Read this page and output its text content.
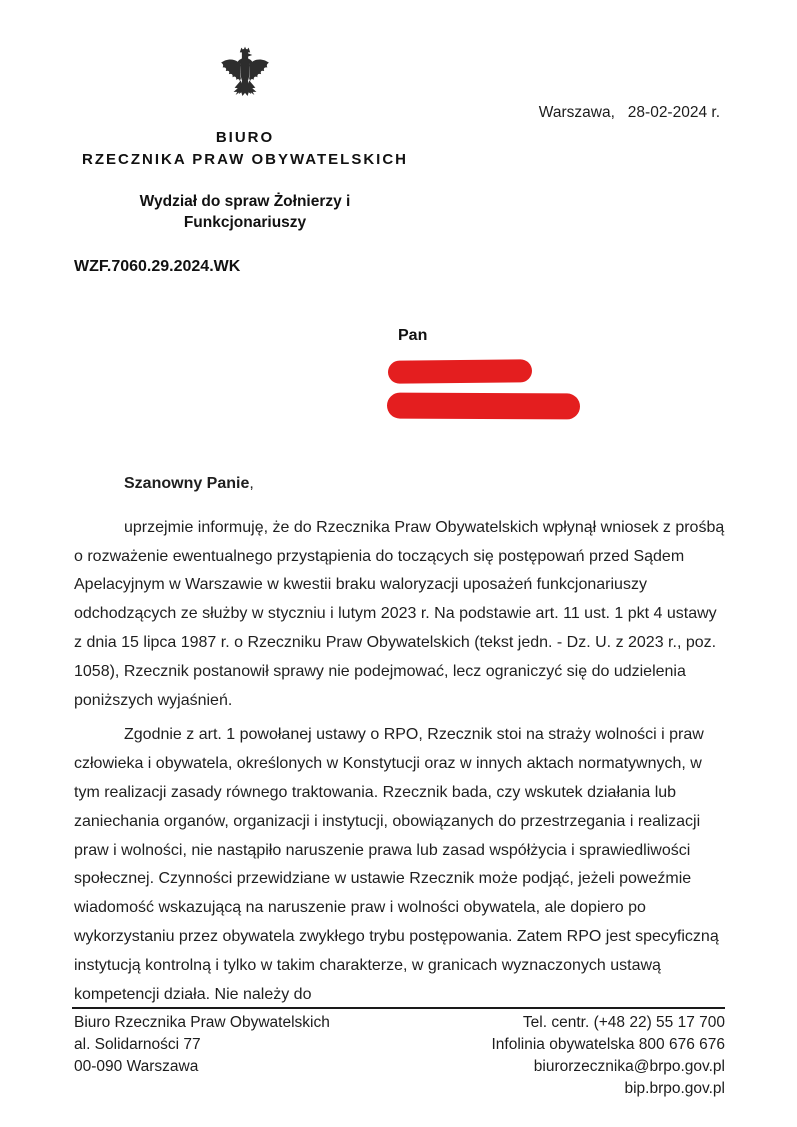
Warszawa,   28-02-2024 r.
BIURO
RZECZNIKA PRAW OBYWATELSKICH
Wydział do spraw Żołnierzy i Funkcjonariuszy
WZF.7060.29.2024.WK
Pan
Szanowny Panie,

uprzejmie informuję, że do Rzecznika Praw Obywatelskich wpłynął wniosek z prośbą o rozważenie ewentualnego przystąpienia do toczących się postępowań przed Sądem Apelacyjnym w Warszawie w kwestii braku waloryzacji uposażeń funkcjonariuszy odchodzących ze służby w styczniu i lutym 2023 r. Na podstawie art. 11 ust. 1 pkt 4 ustawy z dnia 15 lipca 1987 r. o Rzeczniku Praw Obywatelskich (tekst jedn. - Dz. U. z 2023 r., poz. 1058), Rzecznik postanowił sprawy nie podejmować, lecz ograniczyć się do udzielenia poniższych wyjaśnień.

Zgodnie z art. 1 powołanej ustawy o RPO, Rzecznik stoi na straży wolności i praw człowieka i obywatela, określonych w Konstytucji oraz w innych aktach normatywnych, w tym realizacji zasady równego traktowania. Rzecznik bada, czy wskutek działania lub zaniechania organów, organizacji i instytucji, obowiązanych do przestrzegania i realizacji praw i wolności, nie nastąpiło naruszenie prawa lub zasad współżycia i sprawiedliwości społecznej. Czynności przewidziane w ustawie Rzecznik może podjąć, jeżeli poweźmie wiadomość wskazującą na naruszenie praw i wolności obywatela, ale dopiero po wykorzystaniu przez obywatela zwykłego trybu postępowania. Zatem RPO jest specyficzną instytucją kontrolną i tylko w takim charakterze, w granicach wyznaczonych ustawą kompetencji działa. Nie należy do

Biuro Rzecznika Praw Obywatelskich
al. Solidarności 77
00-090 Warszawa
Tel. centr. (+48 22) 55 17 700
Infolinia obywatelska 800 676 676
biurorzecznika@brpo.gov.pl
bip.brpo.gov.pl
